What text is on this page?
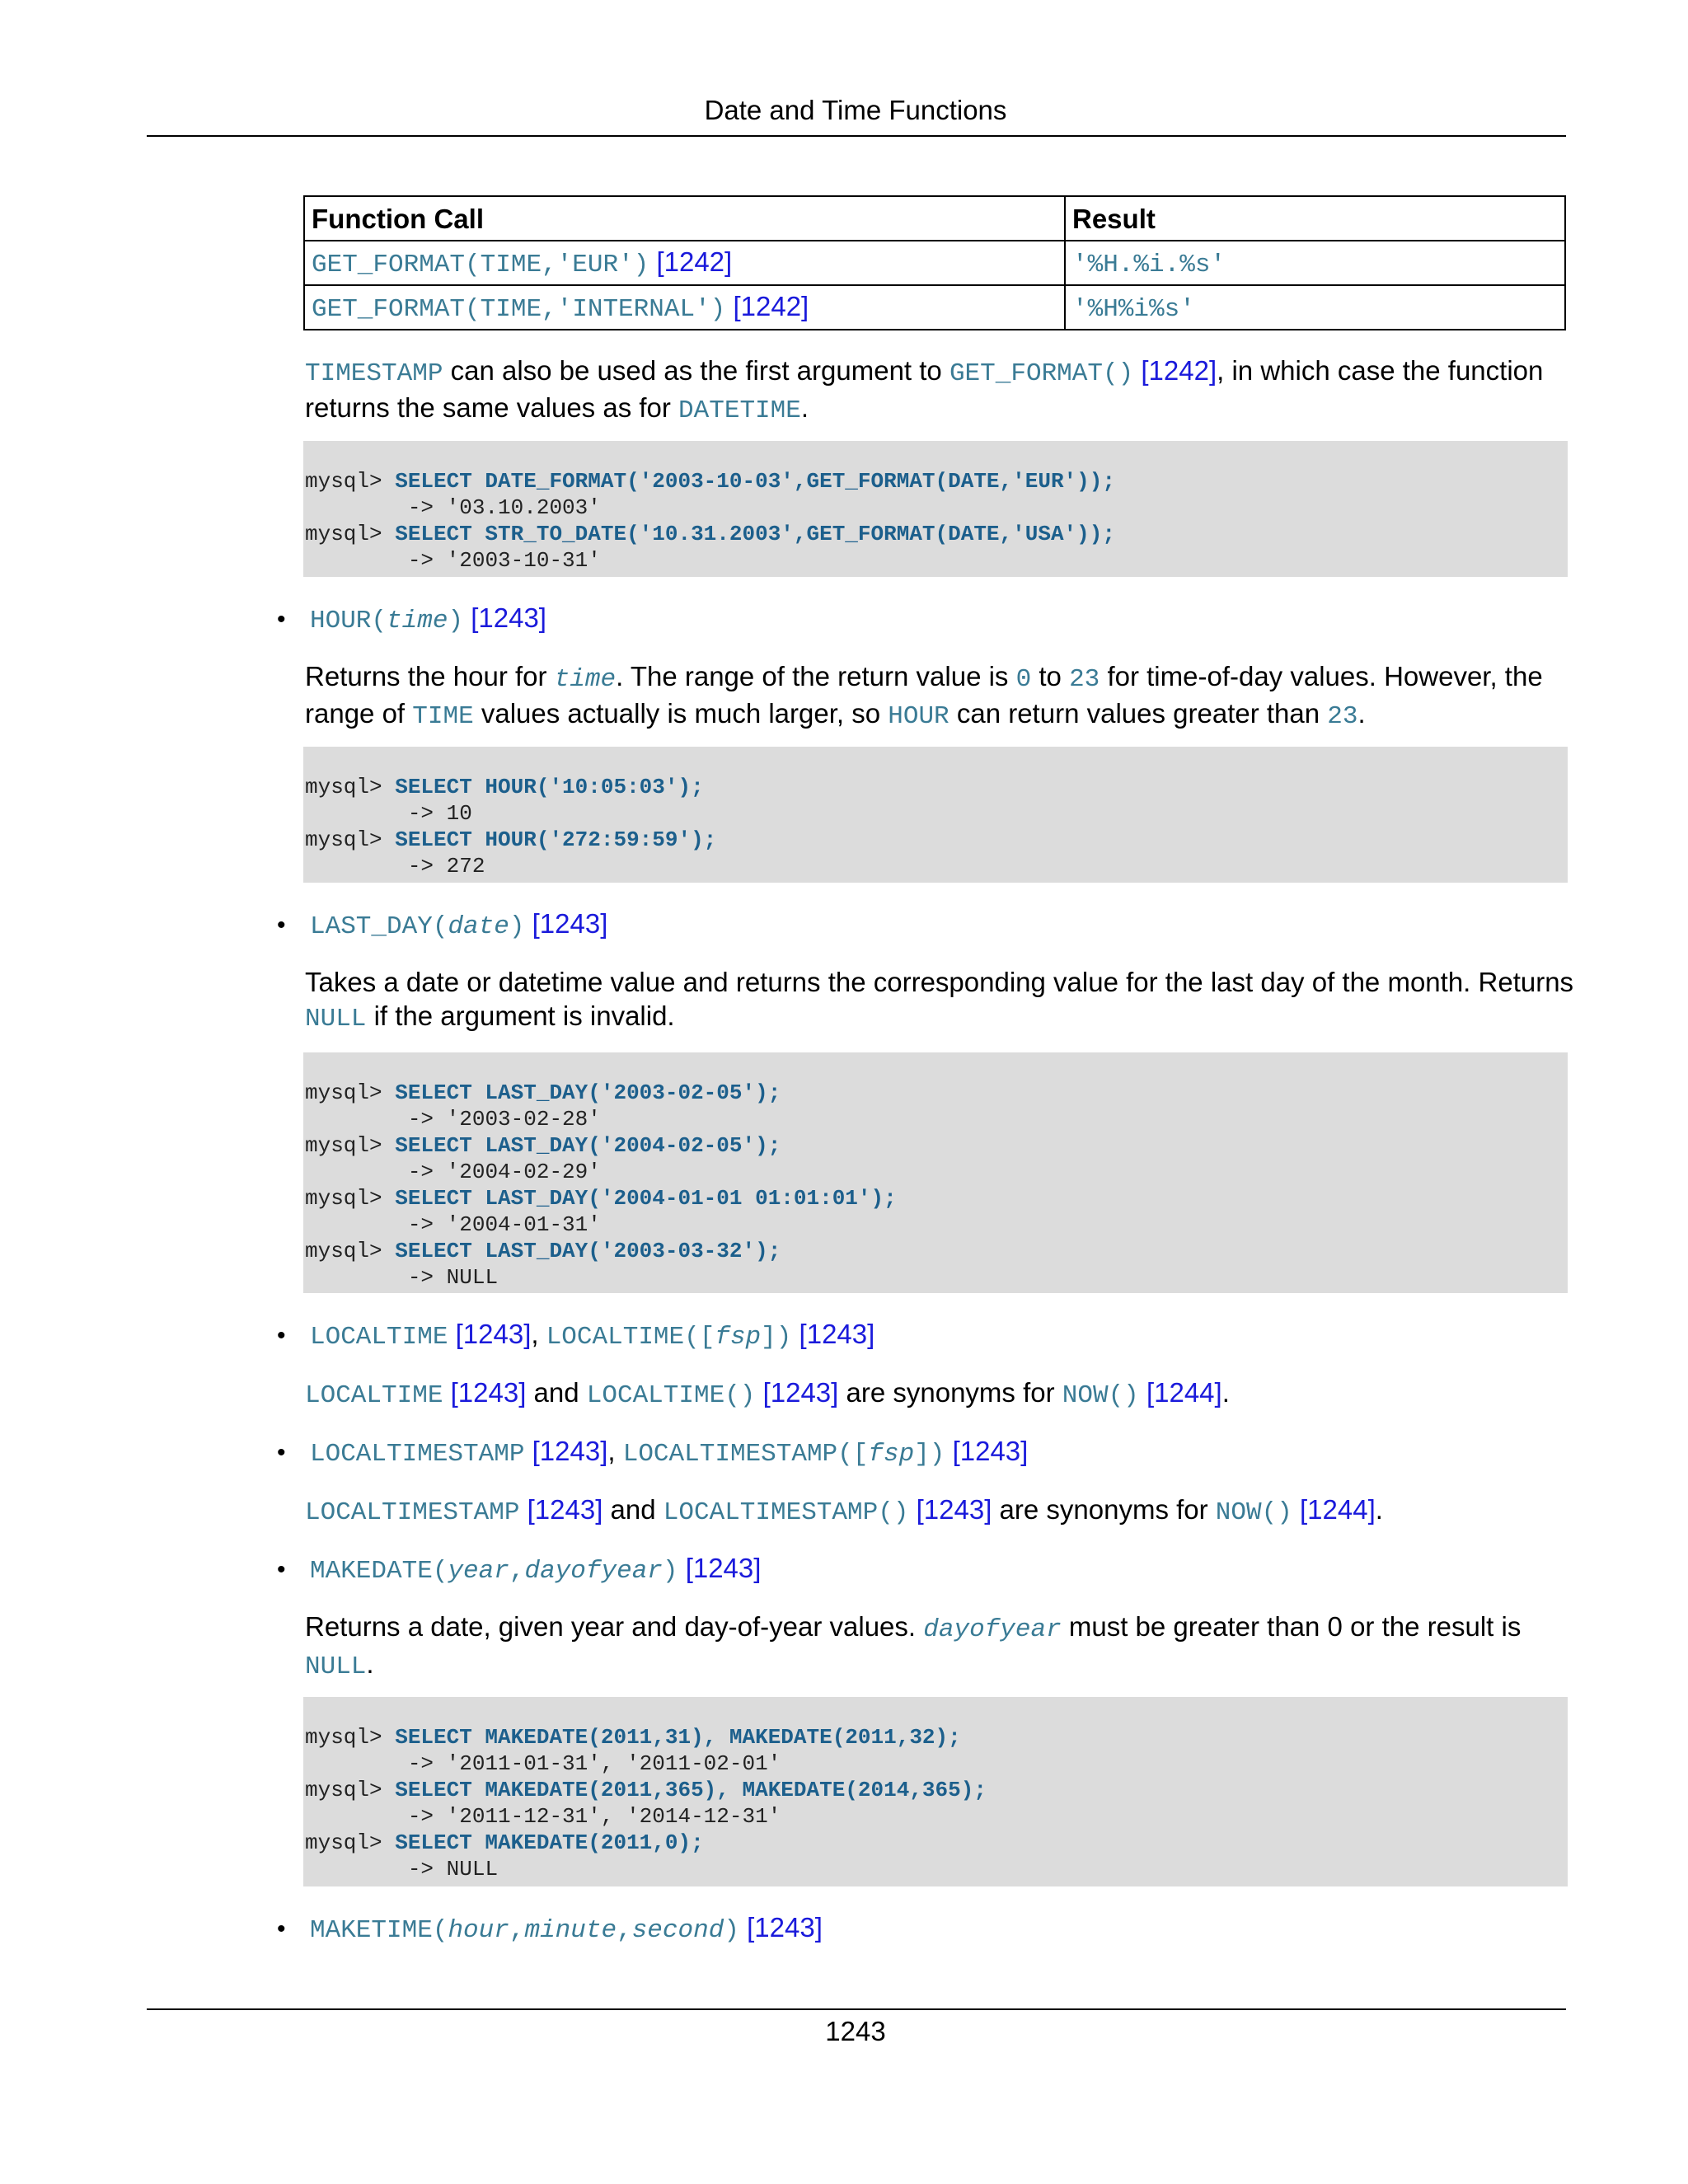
Date and Time Functions
Function Call	Result
GET_FORMAT(TIME,'EUR') [1242]	'%H.%i.%s'
GET_FORMAT(TIME,'INTERNAL') [1242]	'%H%i%s'
TIMESTAMP can also be used as the first argument to GET_FORMAT() [1242], in which case the function returns the same values as for DATETIME.
mysql> SELECT DATE_FORMAT('2003-10-03',GET_FORMAT(DATE,'EUR'));
-> '03.10.2003'
mysql> SELECT STR_TO_DATE('10.31.2003',GET_FORMAT(DATE,'USA'));
-> '2003-10-31'
• HOUR(time) [1243]
Returns the hour for time. The range of the return value is 0 to 23 for time-of-day values. However, the range of TIME values actually is much larger, so HOUR can return values greater than 23.
mysql> SELECT HOUR('10:05:03');
-> 10
mysql> SELECT HOUR('272:59:59');
-> 272
• LAST_DAY(date) [1243]
Takes a date or datetime value and returns the corresponding value for the last day of the month. Returns NULL if the argument is invalid.
mysql> SELECT LAST_DAY('2003-02-05');
-> '2003-02-28'
mysql> SELECT LAST_DAY('2004-02-05');
-> '2004-02-29'
mysql> SELECT LAST_DAY('2004-01-01 01:01:01');
-> '2004-01-31'
mysql> SELECT LAST_DAY('2003-03-32');
-> NULL
• LOCALTIME [1243], LOCALTIME([fsp]) [1243]
LOCALTIME [1243] and LOCALTIME() [1243] are synonyms for NOW() [1244].
• LOCALTIMESTAMP [1243], LOCALTIMESTAMP([fsp]) [1243]
LOCALTIMESTAMP [1243] and LOCALTIMESTAMP() [1243] are synonyms for NOW() [1244].
• MAKEDATE(year,dayofyear) [1243]
Returns a date, given year and day-of-year values. dayofyear must be greater than 0 or the result is NULL.
mysql> SELECT MAKEDATE(2011,31), MAKEDATE(2011,32);
-> '2011-01-31', '2011-02-01'
mysql> SELECT MAKEDATE(2011,365), MAKEDATE(2014,365);
-> '2011-12-31', '2014-12-31'
mysql> SELECT MAKEDATE(2011,0);
-> NULL
• MAKETIME(hour,minute,second) [1243]
1243
